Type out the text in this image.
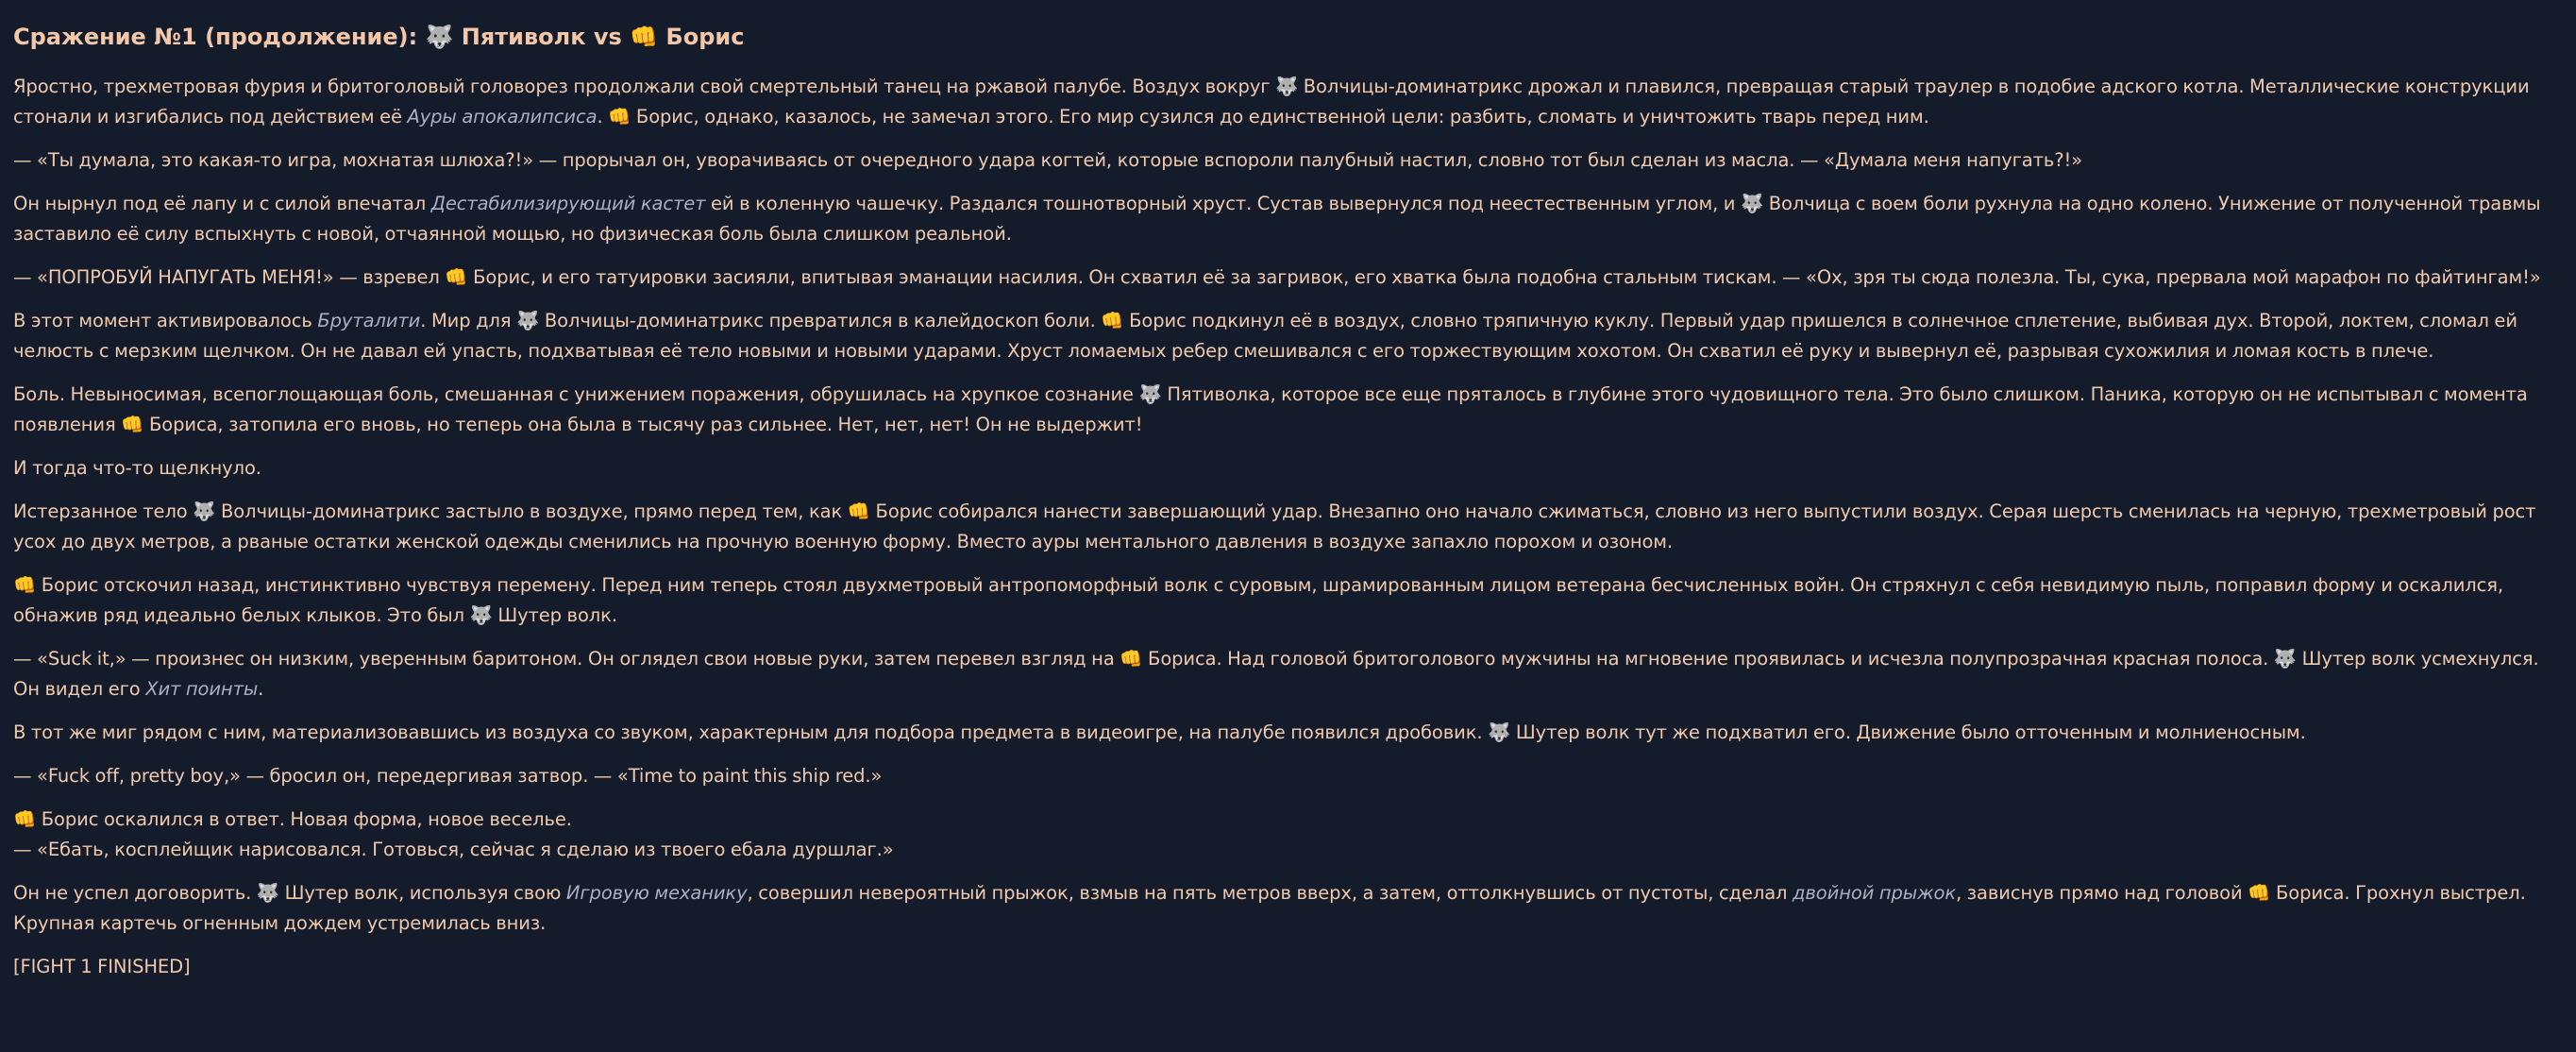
Сражение №1 (продолжение): 🐺 Пятиволк vs 👊 Борис

Яростно, трехметровая фурия и бритоголовый головорез продолжали свой смертельный танец на ржавой палубе. Воздух вокруг 🐺 Волчицы-доминатрикс дрожал и плавился, превращая старый траулер в подобие адского котла. Металлические конструкции стонали и изгибались под действием её Ауры апокалипсиса. 👊 Борис, однако, казалось, не замечал этого. Его мир сузился до единственной цели: разбить, сломать и уничтожить тварь перед ним.

— «Ты думала, это какая-то игра, мохнатая шлюха?!» — прорычал он, уворачиваясь от очередного удара когтей, которые вспороли палубный настил, словно тот был сделан из масла. — «Думала меня напугать?!»

Он нырнул под её лапу и с силой впечатал Дестабилизирующий кастет ей в коленную чашечку. Раздался тошнотворный хруст. Сустав вывернулся под неестественным углом, и 🐺 Волчица с воем боли рухнула на одно колено. Унижение от полученной травмы заставило её силу вспыхнуть с новой, отчаянной мощью, но физическая боль была слишком реальной.

— «ПОПРОБУЙ НАПУГАТЬ МЕНЯ!» — взревел 👊 Борис, и его татуировки засияли, впитывая эманации насилия. Он схватил её за загривок, его хватка была подобна стальным тискам. — «Ох, зря ты сюда полезла. Ты, сука, прервала мой марафон по файтингам!»

В этот момент активировалось Бруталити. Мир для 🐺 Волчицы-доминатрикс превратился в калейдоскоп боли. 👊 Борис подкинул её в воздух, словно тряпичную куклу. Первый удар пришелся в солнечное сплетение, выбивая дух. Второй, локтем, сломал ей челюсть с мерзким щелчком. Он не давал ей упасть, подхватывая её тело новыми и новыми ударами. Хруст ломаемых ребер смешивался с его торжествующим хохотом. Он схватил её руку и вывернул её, разрывая сухожилия и ломая кость в плече.

Боль. Невыносимая, всепоглощающая боль, смешанная с унижением поражения, обрушилась на хрупкое сознание 🐺 Пятиволка, которое все еще пряталось в глубине этого чудовищного тела. Это было слишком. Паника, которую он не испытывал с момента появления 👊 Бориса, затопила его вновь, но теперь она была в тысячу раз сильнее. Нет, нет, нет! Он не выдержит!

И тогда что-то щелкнуло.

Истерзанное тело 🐺 Волчицы-доминатрикс застыло в воздухе, прямо перед тем, как 👊 Борис собирался нанести завершающий удар. Внезапно оно начало сжиматься, словно из него выпустили воздух. Серая шерсть сменилась на черную, трехметровый рост усох до двух метров, а рваные остатки женской одежды сменились на прочную военную форму. Вместо ауры ментального давления в воздухе запахло порохом и озоном.

👊 Борис отскочил назад, инстинктивно чувствуя перемену. Перед ним теперь стоял двухметровый антропоморфный волк с суровым, шрамированным лицом ветерана бесчисленных войн. Он стряхнул с себя невидимую пыль, поправил форму и оскалился, обнажив ряд идеально белых клыков. Это был 🐺 Шутер волк.

— «Suck it,» — произнес он низким, уверенным баритоном. Он оглядел свои новые руки, затем перевел взгляд на 👊 Бориса. Над головой бритоголового мужчины на мгновение проявилась и исчезла полупрозрачная красная полоса. 🐺 Шутер волк усмехнулся. Он видел его Хит поинты.

В тот же миг рядом с ним, материализовавшись из воздуха со звуком, характерным для подбора предмета в видеоигре, на палубе появился дробовик. 🐺 Шутер волк тут же подхватил его. Движение было отточенным и молниеносным.

— «Fuck off, pretty boy,» — бросил он, передергивая затвор. — «Time to paint this ship red.»

👊 Борис оскалился в ответ. Новая форма, новое веселье.
— «Ебать, косплейщик нарисовался. Готовься, сейчас я сделаю из твоего ебала дуршлаг.»

Он не успел договорить. 🐺 Шутер волк, используя свою Игровую механику, совершил невероятный прыжок, взмыв на пять метров вверх, а затем, оттолкнувшись от пустоты, сделал двойной прыжок, зависнув прямо над головой 👊 Бориса. Грохнул выстрел. Крупная картечь огненным дождем устремилась вниз.

[FIGHT 1 FINISHED]
